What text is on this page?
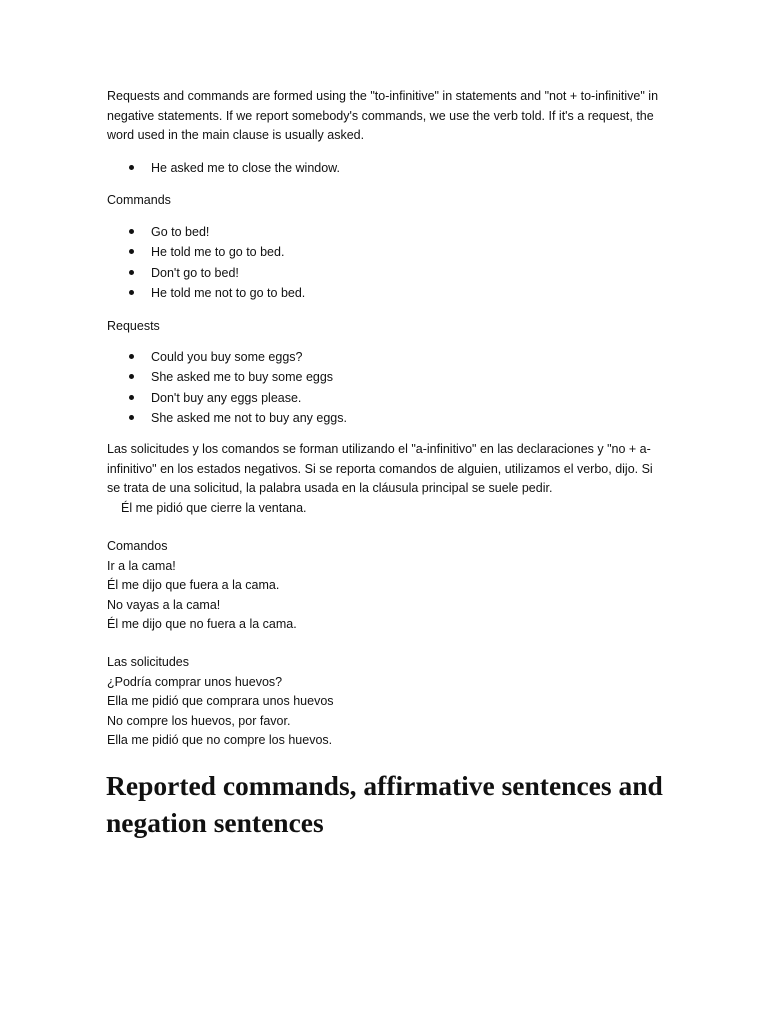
Requests and commands are formed using the "to-infinitive" in statements and "not + to-infinitive" in negative statements. If we report somebody's commands, we use the verb told. If it's a request, the word used in the main clause is usually asked.

He asked me to close the window.
Commands
Go to bed!
He told me to go to bed.
Don't go to bed!
He told me not to go to bed.
Requests
Could you buy some eggs?
She asked me to buy some eggs
Don't buy any eggs please.
She asked me not to buy any eggs.

Las solicitudes y los comandos se forman utilizando el "a-infinitivo" en las declaraciones y "no + a-infinitivo" en los estados negativos. Si se reporta comandos de alguien, utilizamos el verbo, dijo. Si se trata de una solicitud, la palabra usada en la cláusula principal se suele pedir.

Él me pidió que cierre la ventana.
Comandos
Ir a la cama!
Él me dijo que fuera a la cama.
No vayas a la cama!
Él me dijo que no fuera a la cama.
Las solicitudes
¿Podría comprar unos huevos?
Ella me pidió que comprara unos huevos
No compre los huevos, por favor.
Ella me pidió que no compre los huevos.
Reported commands, affirmative sentences and negation sentences
